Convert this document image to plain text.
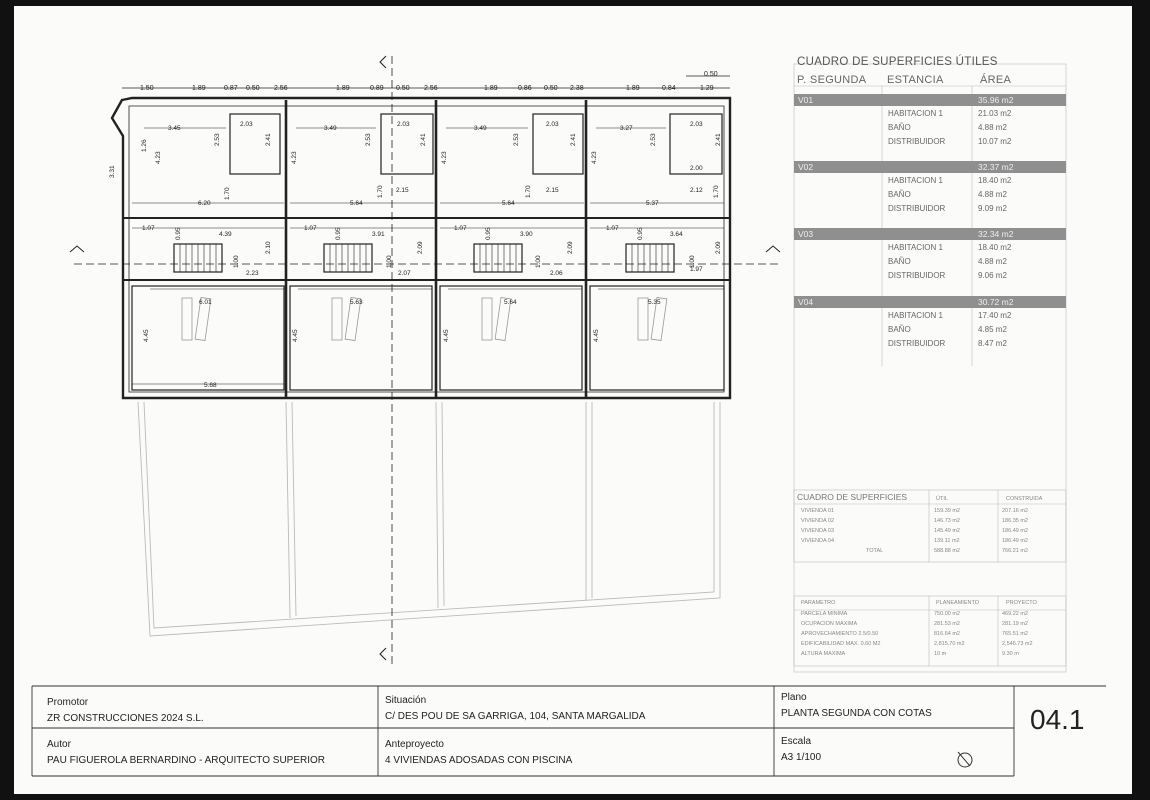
1.50	1.89	0.87 0.50 2.56	1.89	0.89 0.50 2.56	1.89	0.86 0.50 2.38	1.89	0.84	1.29
0.50
3.45
2.03
2.41
2.53
1.26
3.31
4.23
1.70
6.20
3.49
2.53
2.03
2.41
4.23
1.70 2.15
5.64
3.49
2.53
2.03
2.41
4.23
1.70 2.15
5.64
3.27
2.53
2.03
2.41
4.23
2.00
2.12 1.70
5.37
1.07	0.95	4.39
2.10
1.00
2.23
1.07	0.95	3.91
2.09
1.00
2.07
1.07	0.95	3.90
2.09
1.00
2.06
1.07	0.95	3.64
2.09
1.00
1.97
6.01
4.45
5.68
5.63
4.45
5.64
4.45
5.35
4.45
CUADRO DE SUPERFICIES ÚTILES
P. SEGUNDA ESTANCIA	ÁREA
V01	35.96 m2
HABITACION 1	21.03 m2
BAÑO	4.88 m2
DISTRIBUIDOR	10.07 m2
V02	32.37 m2
HABITACION 1	18.40 m2
BAÑO	4.88 m2
DISTRIBUIDOR	9.09 m2
V03	32.34 m2
HABITACION 1	18.40 m2
BAÑO	4.88 m2
DISTRIBUIDOR	9.06 m2
V04	30.72 m2
HABITACION 1	17.40 m2
BAÑO	4.85 m2
DISTRIBUIDOR	8.47 m2
CUADRO DE SUPERFICIES	ÚTIL	CONSTRUIDA
VIVIENDA 01	159.39 m2	207.16 m2
VIVIENDA 02	146.73 m2	186.35 m2
VIVIENDA 03	145.49 m2	186.49 m2
VIVIENDA 04	139.11 m2	186.49 m2
TOTAL	588.88 m2	766.21 m2
PARAMETRO	PLANEAMIENTO	PROYECTO
PARCELA MINIMA	750.00 m2	469.22 m2
OCUPACION MAXIMA	281.53 m2	281.19 m2
APROVECHAMIENTO 2.5/0.50	816.64 m2	765.51 m2
EDIFICABILIDAD MAX. 0.60 M2	2,815.70 m2	2,546.73 m2
ALTURA MAXIMA	10 m	9.30 m
Promotor
ZR CONSTRUCCIONES 2024 S.L.
Autor
PAU FIGUEROLA BERNARDINO - ARQUITECTO SUPERIOR
Situación
C/ DES POU DE SA GARRIGA, 104, SANTA MARGALIDA
Anteproyecto
4 VIVIENDAS ADOSADAS CON PISCINA
Plano
PLANTA SEGUNDA CON COTAS
Escala
A3 1/100
04.1
